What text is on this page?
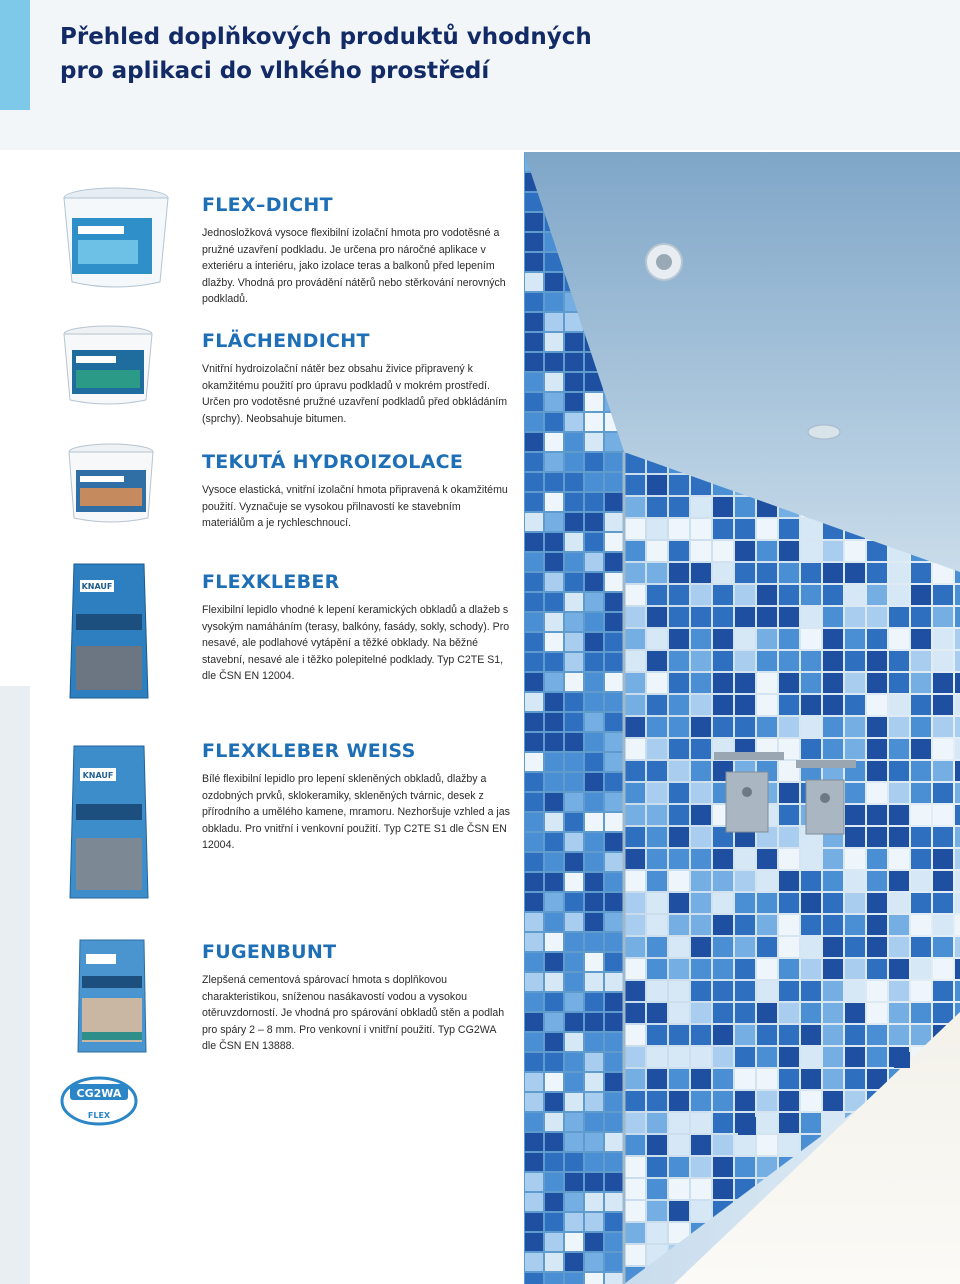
Přehled doplňkových produktů vhodných
pro aplikaci do vlhkého prostředí
KNAUF
KNAUF
CG2WA
FLEX
FLEX–DICHT

Jednosložková vysoce flexibilní izolační hmota pro vodotěsné a pružné uzavření podkladu. Je určena pro náročné aplikace v exteriéru a interiéru, jako izolace teras a balkonů před lepením dlažby. Vhodná pro provádění nátěrů nebo stěrkování nerovných podkladů.

FLÄCHENDICHT

Vnitřní hydroizolační nátěr bez obsahu živice připravený k okamžitému použití pro úpravu podkladů v mokrém prostředí. Určen pro vodotěsné pružné uzavření podkladů před obkládáním (sprchy). Neobsahuje bitumen.

TEKUTÁ HYDROIZOLACE

Vysoce elastická, vnitřní izolační hmota připravená k okamžitému použití. Vyznačuje se vysokou přilnavostí ke stavebním materiálům a je rychleschnoucí.

FLEXKLEBER

Flexibilní lepidlo vhodné k lepení keramických obkladů a dlažeb s vysokým namáháním (terasy, balkóny, fasády, sokly, schody). Pro nesavé, ale podlahové vytápění a těžké obklady. Na běžné stavební, nesavé ale i těžko polepitelné podklady. Typ C2TE S1, dle ČSN EN 12004.

FLEXKLEBER WEISS

Bílé flexibilní lepidlo pro lepení skleněných obkladů, dlažby a ozdobných prvků, sklokeramiky, skleněných tvárnic, desek z přírodního a umělého kamene, mramoru. Nezhoršuje vzhled a jas obkladu. Pro vnitřní i venkovní použití. Typ C2TE S1 dle ČSN EN 12004.

FUGENBUNT

Zlepšená cementová spárovací hmota s doplňkovou charakteristikou, sníženou nasákavostí vodou a vysokou otěruvzdorností. Je vhodná pro spárování obkladů stěn a podlah pro spáry 2 – 8 mm. Pro venkovní i vnitřní použití. Typ CG2WA dle ČSN EN 13888.
